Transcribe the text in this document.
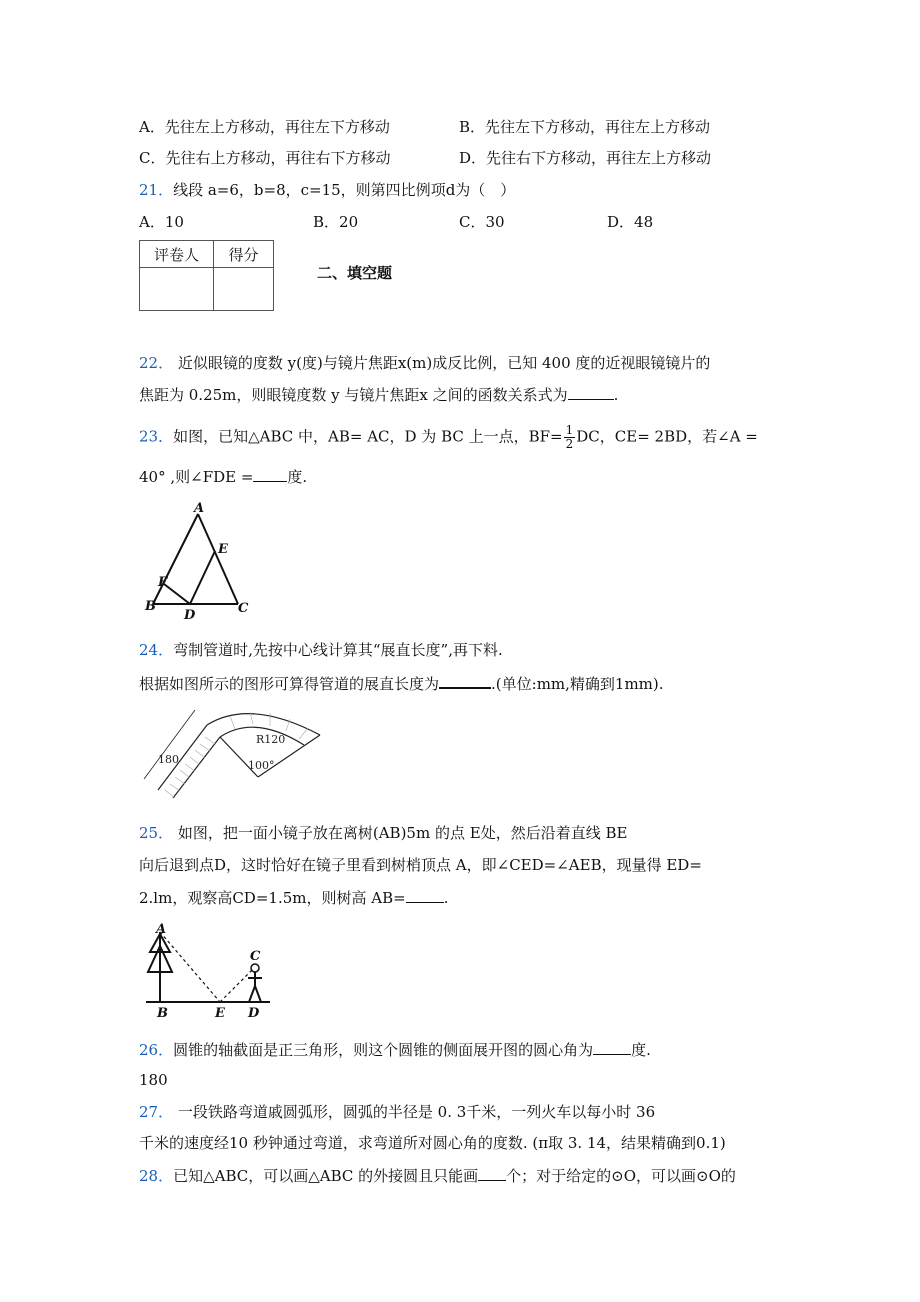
A．先往左上方移动，再往左下方移动	B．先往左下方移动，再往左上方移动
C．先往右上方移动，再往右下方移动	D．先往右下方移动，再往左上方移动
21．线段 a=6，b=8，c=15，则第四比例项d为（　）
A．10	B．20	C．30	D．48
评卷人	得分

二、填空题
22． 近似眼镜的度数 y(度)与镜片焦距x(m)成反比例，已知 400 度的近视眼镜镜片的
焦距为 0.25m，则眼镜度数 y 与镜片焦距x 之间的函数关系式为	.
23．如图，已知△ABC 中，AB= AC，D 为 BC 上一点，$BF= \frac{1}{2}$ DC，CE= 2BD，若∠A =
40° ,则∠FDE = 度.
A
E
F
B
D	C
24．弯制管道时,先按中心线计算其“展直长度”,再下料.
根据如图所示的图形可算得管道的展直长度为	.(单位:mm,精确到1mm).
180
R120
100°
25． 如图，把一面小镜子放在离树(AB)5m 的点 E处，然后沿着直线 BE
向后退到点D，这时恰好在镜子里看到树梢顶点 A，即∠CED=∠AEB，现量得 ED=
2.lm，观察高CD=1.5m，则树高 AB=	.
A
C
B	E D
26．圆锥的轴截面是正三角形，则这个圆锥的侧面展开图的圆心角为	度.
180
27． 一段铁路弯道戚圆弧形，圆弧的半径是 0. 3千米，一列火车以每小时 36
千米的速度经10 秒钟通过弯道，求弯道所对圆心角的度数. (π取 3. 14，结果精确到0.1)
28．已知△ABC，可以画△ABC 的外接圆且只能画 个；对于给定的⊙O，可以画⊙O的
